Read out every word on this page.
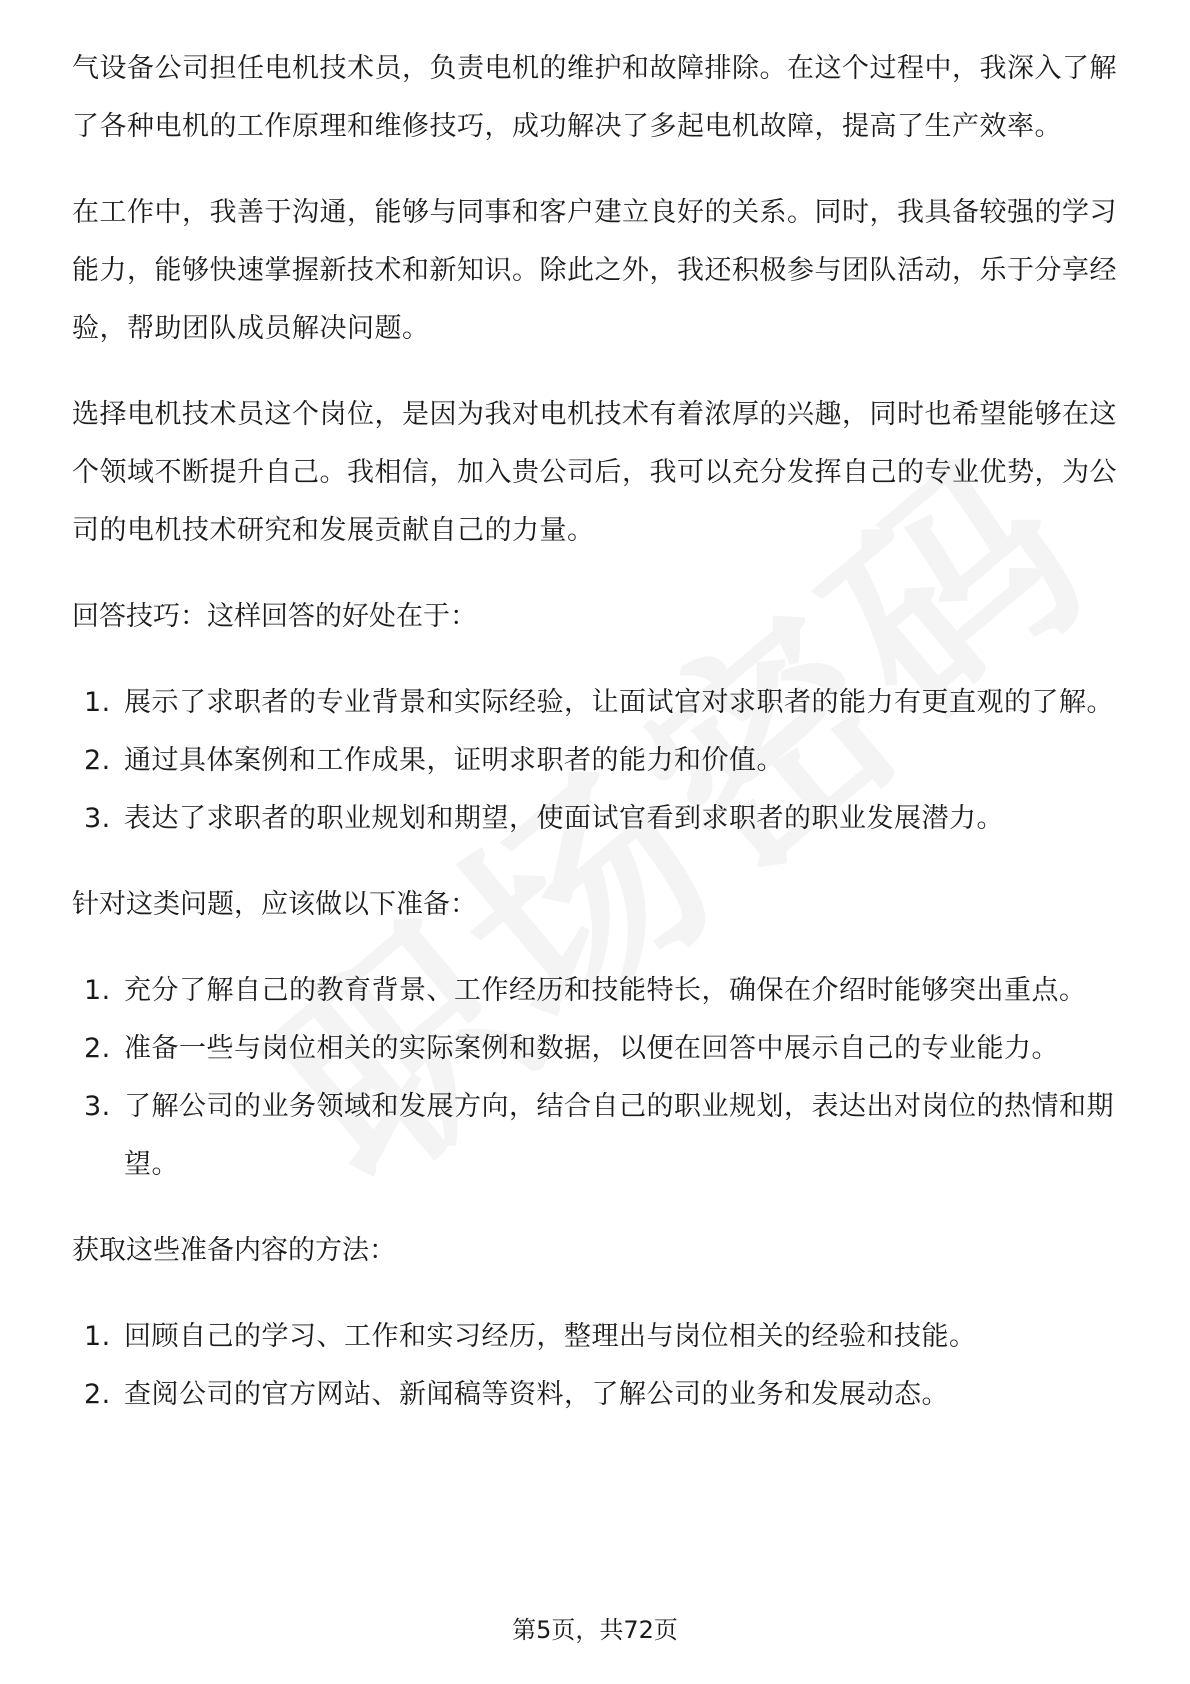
气设备公司担任电机技术员，负责电机的维护和故障排除。在这个过程中，我深入了解了各种电机的工作原理和维修技巧，成功解决了多起电机故障，提高了生产效率。

在工作中，我善于沟通，能够与同事和客户建立良好的关系。同时，我具备较强的学习能力，能够快速掌握新技术和新知识。除此之外，我还积极参与团队活动，乐于分享经验，帮助团队成员解决问题。

选择电机技术员这个岗位，是因为我对电机技术有着浓厚的兴趣，同时也希望能够在这个领域不断提升自己。我相信，加入贵公司后，我可以充分发挥自己的专业优势，为公司的电机技术研究和发展贡献自己的力量。

回答技巧：这样回答的好处在于：
1. 展示了求职者的专业背景和实际经验，让面试官对求职者的能力有更直观的了解。
2. 通过具体案例和工作成果，证明求职者的能力和价值。
3. 表达了求职者的职业规划和期望，使面试官看到求职者的职业发展潜力。
针对这类问题，应该做以下准备：
1. 充分了解自己的教育背景、工作经历和技能特长，确保在介绍时能够突出重点。
2. 准备一些与岗位相关的实际案例和数据，以便在回答中展示自己的专业能力。
3. 了解公司的业务领域和发展方向，结合自己的职业规划，表达出对岗位的热情和期望。
获取这些准备内容的方法：
1. 回顾自己的学习、工作和实习经历，整理出与岗位相关的经验和技能。
2. 查阅公司的官方网站、新闻稿等资料，了解公司的业务和发展动态。
第5页，共72页
